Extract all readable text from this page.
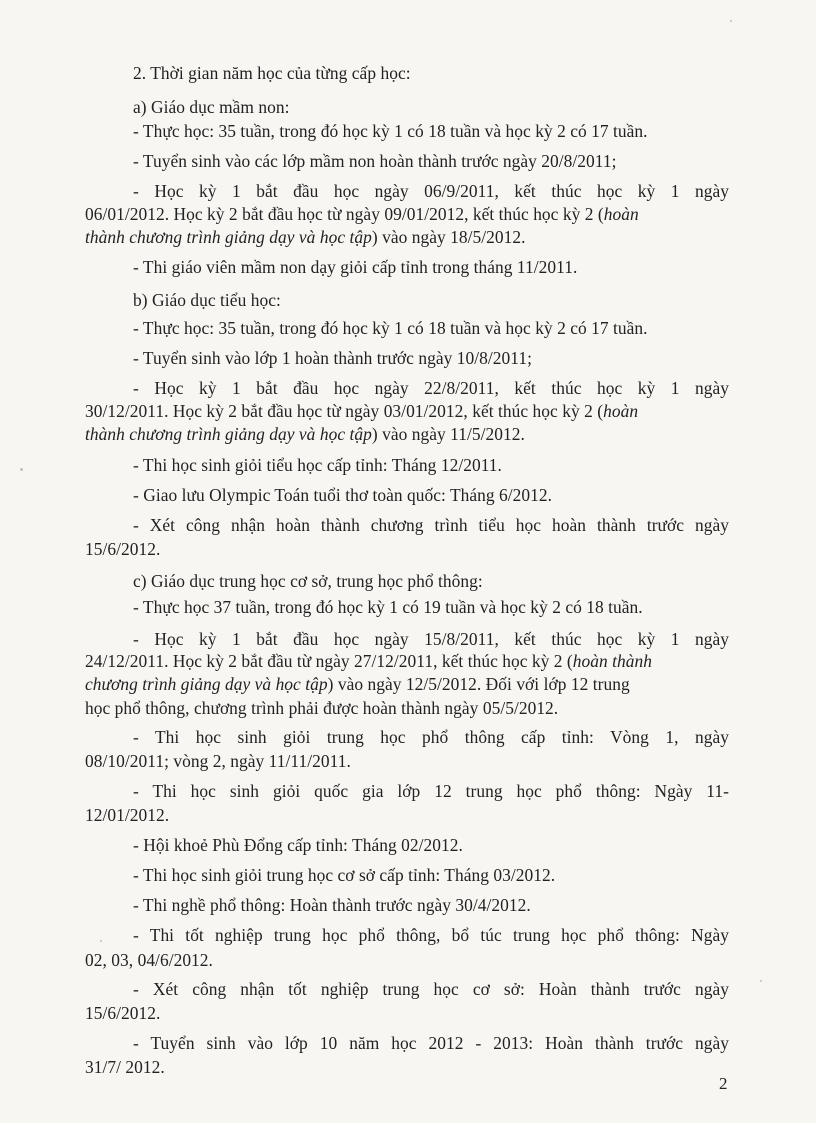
2. Thời gian năm học của từng cấp học:
a) Giáo dục mầm non:
- Thực học: 35 tuần, trong đó học kỳ 1 có 18 tuần và học kỳ 2 có 17 tuần.
- Tuyển sinh vào các lớp mầm non hoàn thành trước ngày 20/8/2011;
- Học kỳ 1 bắt đầu học ngày 06/9/2011, kết thúc học kỳ 1 ngày
06/01/2012. Học kỳ 2 bắt đầu học từ ngày 09/01/2012, kết thúc học kỳ 2 (hoàn
thành chương trình giảng dạy và học tập) vào ngày 18/5/2012.
- Thi giáo viên mầm non dạy giỏi cấp tỉnh trong tháng 11/2011.
b) Giáo dục tiểu học:
- Thực học: 35 tuần, trong đó học kỳ 1 có 18 tuần và học kỳ 2 có 17 tuần.
- Tuyển sinh vào lớp 1 hoàn thành trước ngày 10/8/2011;
- Học kỳ 1 bắt đầu học ngày 22/8/2011, kết thúc học kỳ 1 ngày
30/12/2011. Học kỳ 2 bắt đầu học từ ngày 03/01/2012, kết thúc học kỳ 2 (hoàn
thành chương trình giảng dạy và học tập) vào ngày 11/5/2012.
- Thi học sinh giỏi tiểu học cấp tỉnh: Tháng 12/2011.
- Giao lưu Olympic Toán tuổi thơ toàn quốc: Tháng 6/2012.
- Xét công nhận hoàn thành chương trình tiểu học hoàn thành trước ngày
15/6/2012.
c) Giáo dục trung học cơ sở, trung học phổ thông:
- Thực học 37 tuần, trong đó học kỳ 1 có 19 tuần và học kỳ 2 có 18 tuần.
- Học kỳ 1 bắt đầu học ngày 15/8/2011, kết thúc học kỳ 1 ngày
24/12/2011. Học kỳ 2 bắt đầu từ ngày 27/12/2011, kết thúc học kỳ 2 (hoàn thành
chương trình giảng dạy và học tập) vào ngày 12/5/2012. Đối với lớp 12 trung
học phổ thông, chương trình phải được hoàn thành ngày 05/5/2012.
- Thi học sinh giỏi trung học phổ thông cấp tỉnh: Vòng 1, ngày
08/10/2011; vòng 2, ngày 11/11/2011.
- Thi học sinh giỏi quốc gia lớp 12 trung học phổ thông: Ngày 11-
12/01/2012.
- Hội khoẻ Phù Đổng cấp tỉnh: Tháng 02/2012.
- Thi học sinh giỏi trung học cơ sở cấp tỉnh: Tháng 03/2012.
- Thi nghề phổ thông: Hoàn thành trước ngày 30/4/2012.
- Thi tốt nghiệp trung học phổ thông, bổ túc trung học phổ thông: Ngày
02, 03, 04/6/2012.
- Xét công nhận tốt nghiệp trung học cơ sở: Hoàn thành trước ngày
15/6/2012.
- Tuyển sinh vào lớp 10 năm học 2012 - 2013: Hoàn thành trước ngày
31/7/ 2012.
2
